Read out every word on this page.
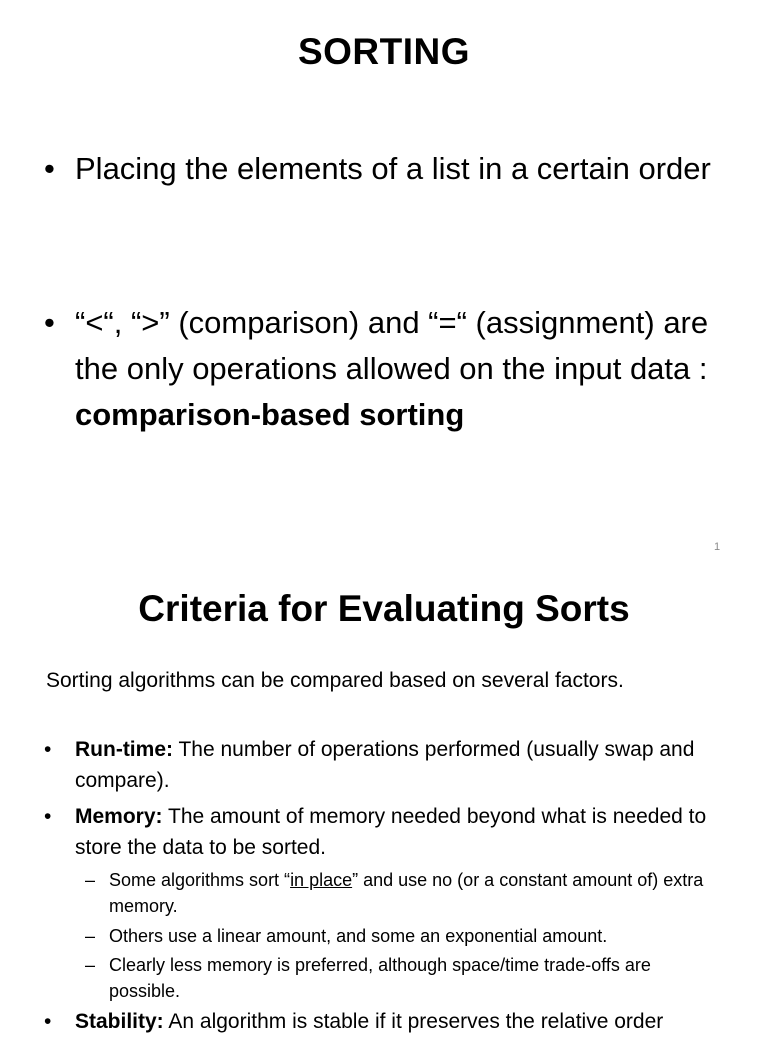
SORTING
• Placing the elements of a list in a certain order
• “<“, “>” (comparison) and “=“ (assignment) are the only operations allowed on the input data : comparison-based sorting
1
Criteria for Evaluating Sorts
Sorting algorithms can be compared based on several factors.
• Run-time: The number of operations performed (usually swap and compare).
• Memory: The amount of memory needed beyond what is needed to store the data to be sorted.
– Some algorithms sort “in place” and use no (or a constant amount of) extra memory.
– Others use a linear amount, and some an exponential amount.
– Clearly less memory is preferred, although space/time trade-offs are possible.
• Stability: An algorithm is stable if it preserves the relative order
